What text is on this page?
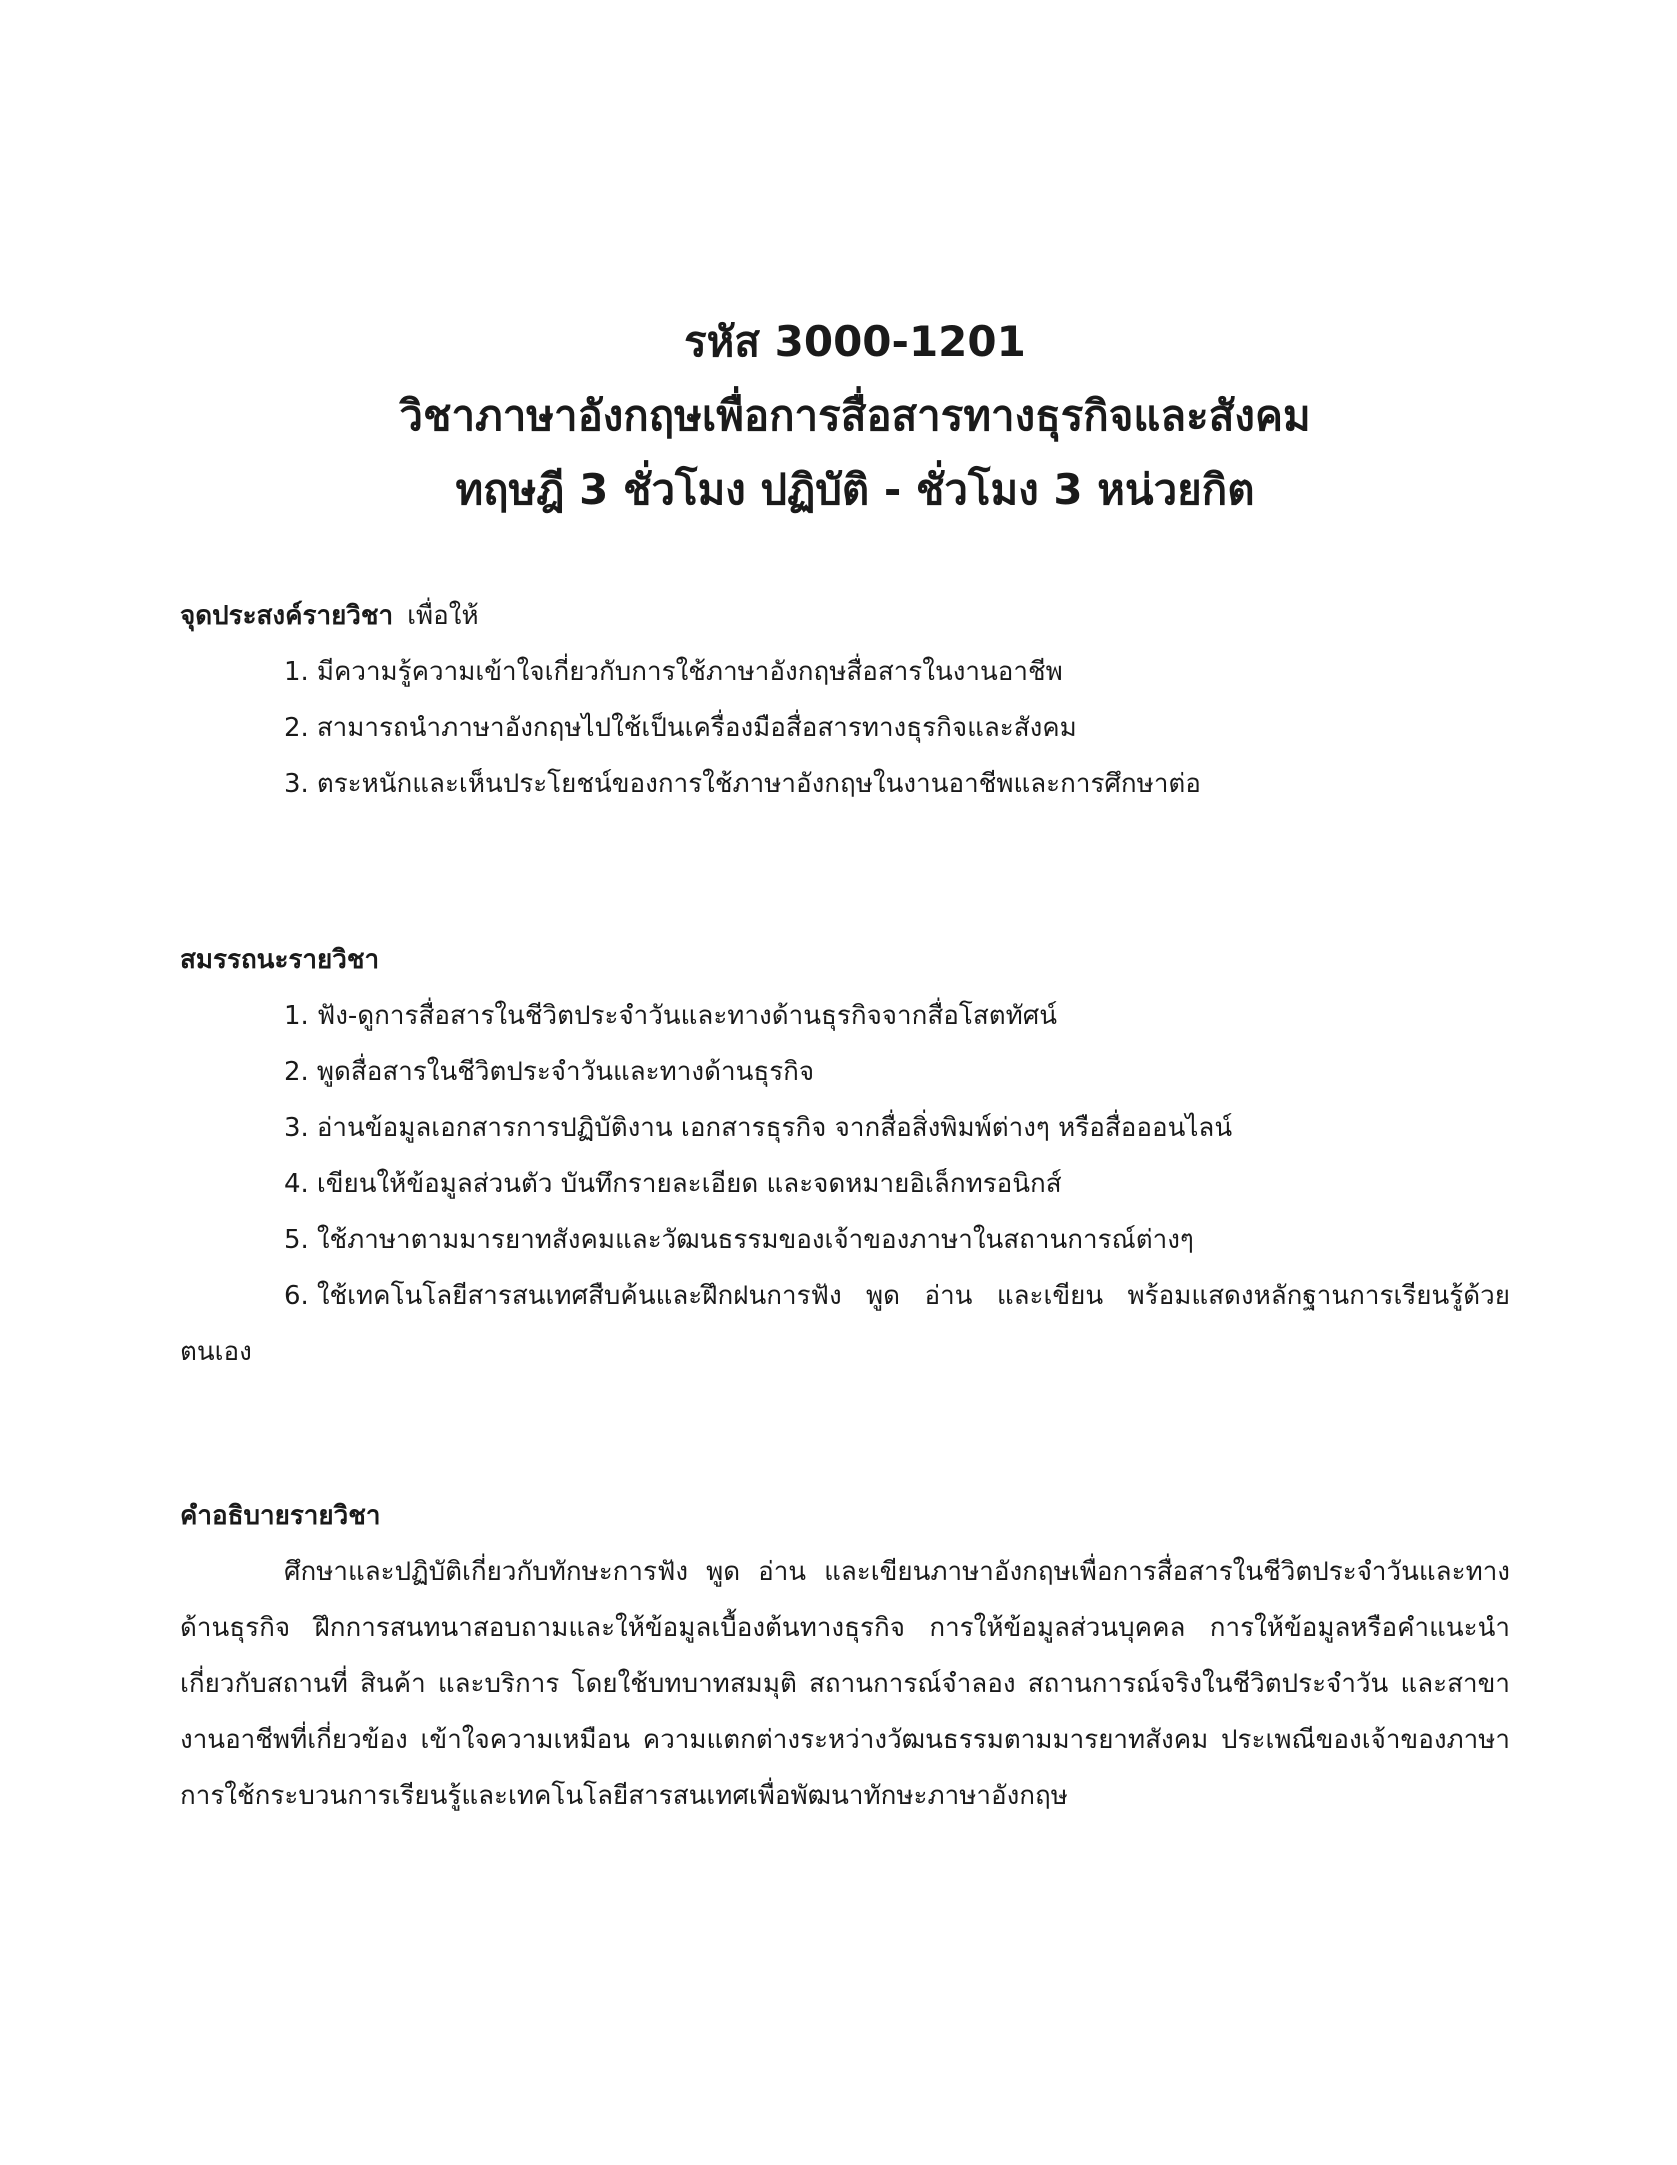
รหัส 3000-1201
วิชาภาษาอังกฤษเพื่อการสื่อสารทางธุรกิจและสังคม
ทฤษฎี 3 ชั่วโมง ปฏิบัติ - ชั่วโมง 3 หน่วยกิต
จุดประสงค์รายวิชา เพื่อให้
1. มีความรู้ความเข้าใจเกี่ยวกับการใช้ภาษาอังกฤษสื่อสารในงานอาชีพ
2. สามารถนำภาษาอังกฤษไปใช้เป็นเครื่องมือสื่อสารทางธุรกิจและสังคม
3. ตระหนักและเห็นประโยชน์ของการใช้ภาษาอังกฤษในงานอาชีพและการศึกษาต่อ
สมรรถนะรายวิชา
1. ฟัง-ดูการสื่อสารในชีวิตประจำวันและทางด้านธุรกิจจากสื่อโสตทัศน์
2. พูดสื่อสารในชีวิตประจำวันและทางด้านธุรกิจ
3. อ่านข้อมูลเอกสารการปฏิบัติงาน เอกสารธุรกิจ จากสื่อสิ่งพิมพ์ต่างๆ หรือสื่อออนไลน์
4. เขียนให้ข้อมูลส่วนตัว บันทึกรายละเอียด และจดหมายอิเล็กทรอนิกส์
5. ใช้ภาษาตามมารยาทสังคมและวัฒนธรรมของเจ้าของภาษาในสถานการณ์ต่างๆ
6. ใช้เทคโนโลยีสารสนเทศสืบค้นและฝึกฝนการฟัง พูด อ่าน และเขียน พร้อมแสดงหลักฐานการเรียนรู้ด้วยตนเอง
คำอธิบายรายวิชา

ศึกษาและปฏิบัติเกี่ยวกับทักษะการฟัง พูด อ่าน และเขียนภาษาอังกฤษเพื่อการสื่อสารในชีวิตประจำวันและทางด้านธุรกิจ ฝึกการสนทนาสอบถามและให้ข้อมูลเบื้องต้นทางธุรกิจ การให้ข้อมูลส่วนบุคคล การให้ข้อมูลหรือคำแนะนำเกี่ยวกับสถานที่ สินค้า และบริการ โดยใช้บทบาทสมมุติ สถานการณ์จำลอง สถานการณ์จริงในชีวิตประจำวัน และสาขางานอาชีพที่เกี่ยวข้อง เข้าใจความเหมือน ความแตกต่างระหว่างวัฒนธรรมตามมารยาทสังคม ประเพณีของเจ้าของภาษา การใช้กระบวนการเรียนรู้และเทคโนโลยีสารสนเทศเพื่อพัฒนาทักษะภาษาอังกฤษ
